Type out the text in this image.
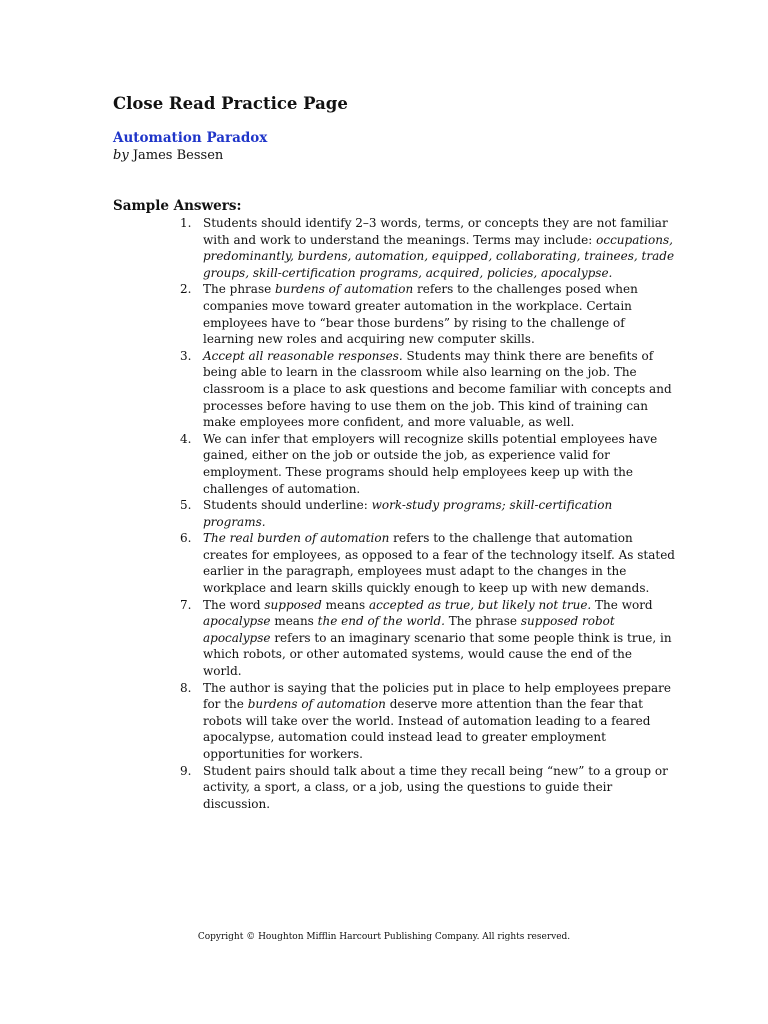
Close Read Practice Page
Automation Paradox
by James Bessen
Sample Answers:
1. Students should identify 2–3 words, terms, or concepts they are not familiar
with and work to understand the meanings. Terms may include: occupations,
predominantly, burdens, automation, equipped, collaborating, trainees, trade
groups, skill-certification programs, acquired, policies, apocalypse.
2. The phrase burdens of automation refers to the challenges posed when
companies move toward greater automation in the workplace. Certain
employees have to “bear those burdens” by rising to the challenge of
learning new roles and acquiring new computer skills.
3. Accept all reasonable responses. Students may think there are benefits of
being able to learn in the classroom while also learning on the job. The
classroom is a place to ask questions and become familiar with concepts and
processes before having to use them on the job. This kind of training can
make employees more confident, and more valuable, as well.
4. We can infer that employers will recognize skills potential employees have
gained, either on the job or outside the job, as experience valid for
employment. These programs should help employees keep up with the
challenges of automation.
5. Students should underline: work-study programs; skill-certification
programs.
6. The real burden of automation refers to the challenge that automation
creates for employees, as opposed to a fear of the technology itself. As stated
earlier in the paragraph, employees must adapt to the changes in the
workplace and learn skills quickly enough to keep up with new demands.
7. The word supposed means accepted as true, but likely not true. The word
apocalypse means the end of the world. The phrase supposed robot
apocalypse refers to an imaginary scenario that some people think is true, in
which robots, or other automated systems, would cause the end of the
world.
8. The author is saying that the policies put in place to help employees prepare
for the burdens of automation deserve more attention than the fear that
robots will take over the world. Instead of automation leading to a feared
apocalypse, automation could instead lead to greater employment
opportunities for workers.
9. Student pairs should talk about a time they recall being “new” to a group or
activity, a sport, a class, or a job, using the questions to guide their
discussion.
Copyright © Houghton Mifflin Harcourt Publishing Company. All rights reserved.
